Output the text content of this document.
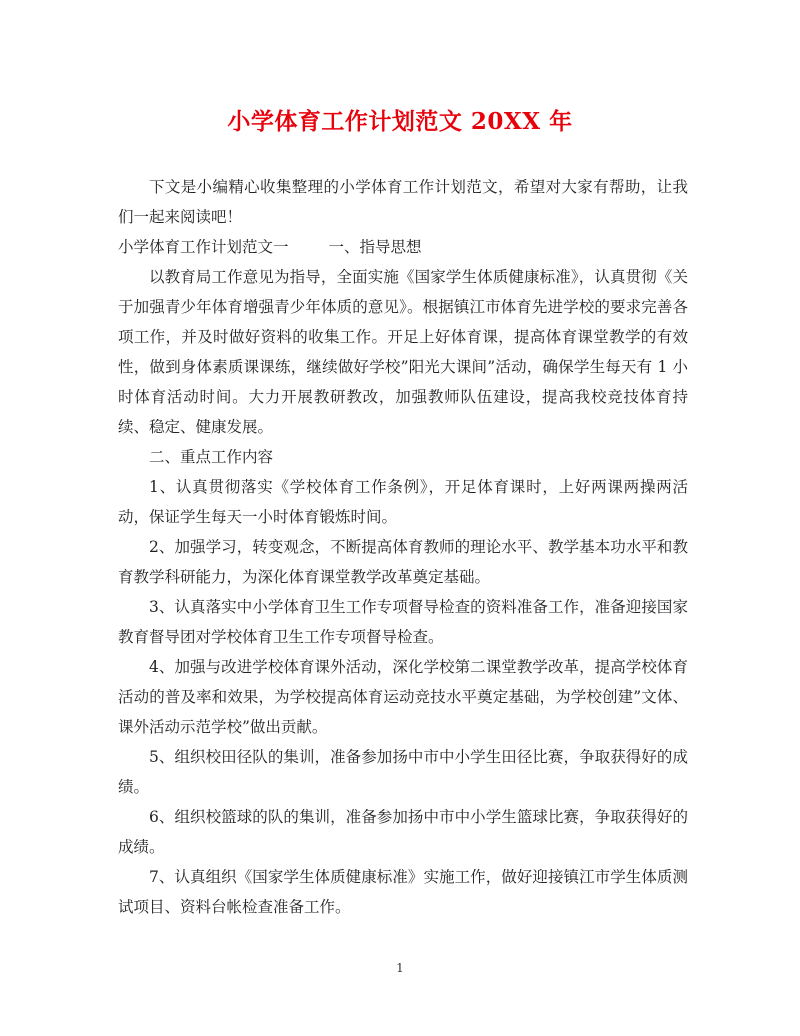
小学体育工作计划范文 20XX 年

下文是小编精心收集整理的小学体育工作计划范文，希望对大家有帮助，让我们一起来阅读吧！

小学体育工作计划范文一	一、指导思想

以教育局工作意见为指导，全面实施《国家学生体质健康标准》，认真贯彻《关于加强青少年体育增强青少年体质的意见》。根据镇江市体育先进学校的要求完善各项工作，并及时做好资料的收集工作。开足上好体育课，提高体育课堂教学的有效性，做到身体素质课课练，继续做好学校”阳光大课间”活动，确保学生每天有 1 小时体育活动时间。大力开展教研教改，加强教师队伍建设，提高我校竞技体育持续、稳定、健康发展。

二、重点工作内容

1、认真贯彻落实《学校体育工作条例》，开足体育课时，上好两课两操两活动，保证学生每天一小时体育锻炼时间。

2、加强学习，转变观念，不断提高体育教师的理论水平、教学基本功水平和教育教学科研能力，为深化体育课堂教学改革奠定基础。

3、认真落实中小学体育卫生工作专项督导检查的资料准备工作，准备迎接国家教育督导团对学校体育卫生工作专项督导检查。

4、加强与改进学校体育课外活动，深化学校第二课堂教学改革，提高学校体育活动的普及率和效果，为学校提高体育运动竞技水平奠定基础，为学校创建”文体、课外活动示范学校”做出贡献。

5、组织校田径队的集训，准备参加扬中市中小学生田径比赛，争取获得好的成绩。

6、组织校篮球的队的集训，准备参加扬中市中小学生篮球比赛，争取获得好的成绩。

7、认真组织《国家学生体质健康标准》实施工作，做好迎接镇江市学生体质测试项目、资料台帐检查准备工作。

1
